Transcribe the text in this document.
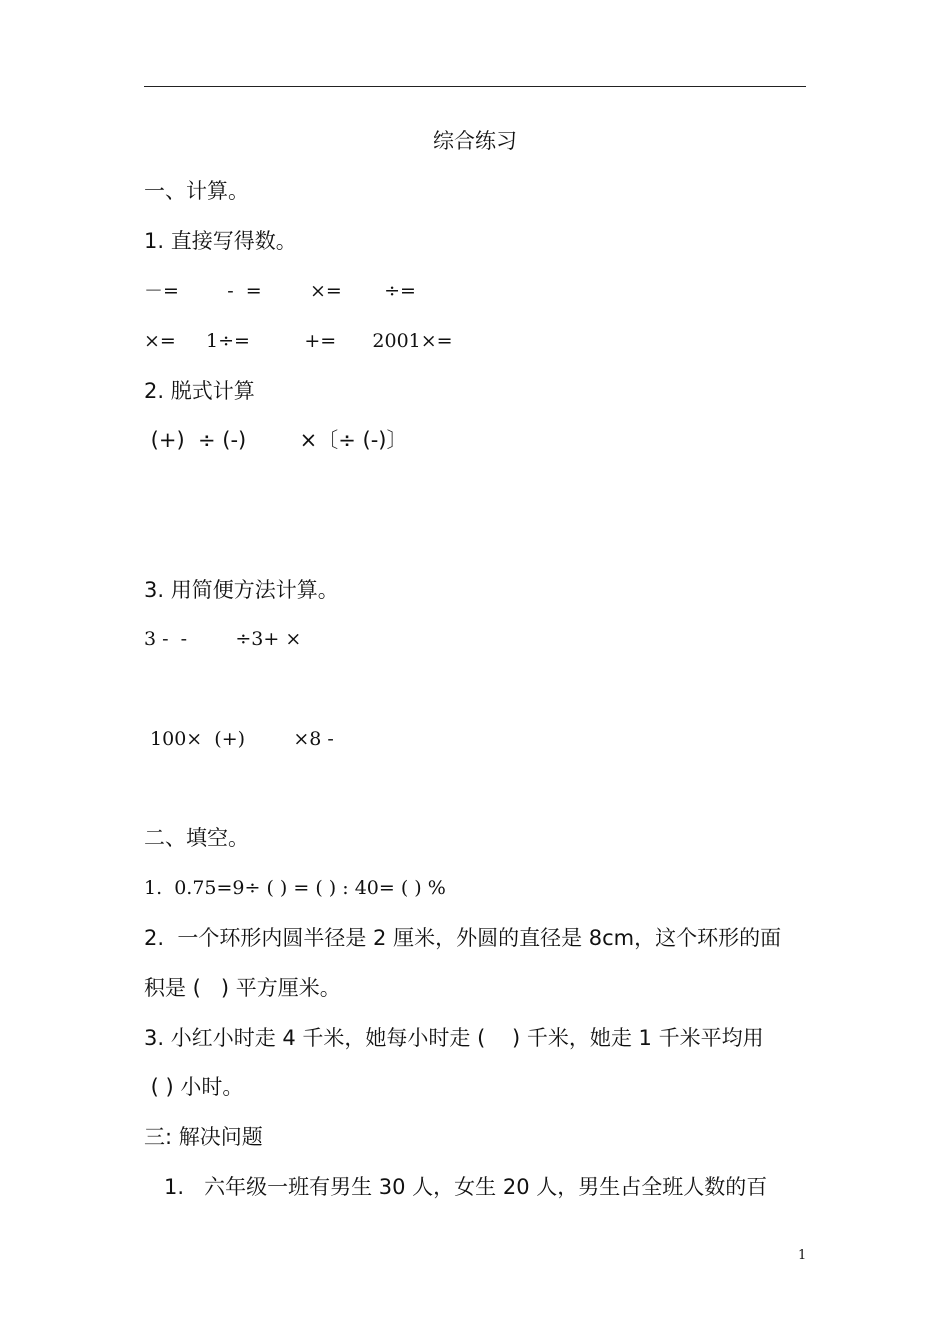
综合练习
一、计算。
1. 直接写得数。
－=        -  =        ×=       ÷=
×=     1÷=         +=      2001×=
2. 脱式计算
(+)  ÷ (-)        ×〔÷ (-)〕
3. 用简便方法计算。
3 -  -        ÷3+ ×
100×  (+)        ×8 -
二、填空。
1.  0.75=9÷ ( ) = ( ) : 40= ( ) %
2.  一个环形内圆半径是 2 厘米，外圆的直径是 8cm，这个环形的面
积是 (   ) 平方厘米。
3. 小红小时走 4 千米，她每小时走 (    ) 千米，她走 1 千米平均用
( ) 小时。
三: 解决问题
1.   六年级一班有男生 30 人，女生 20 人，男生占全班人数的百
1
